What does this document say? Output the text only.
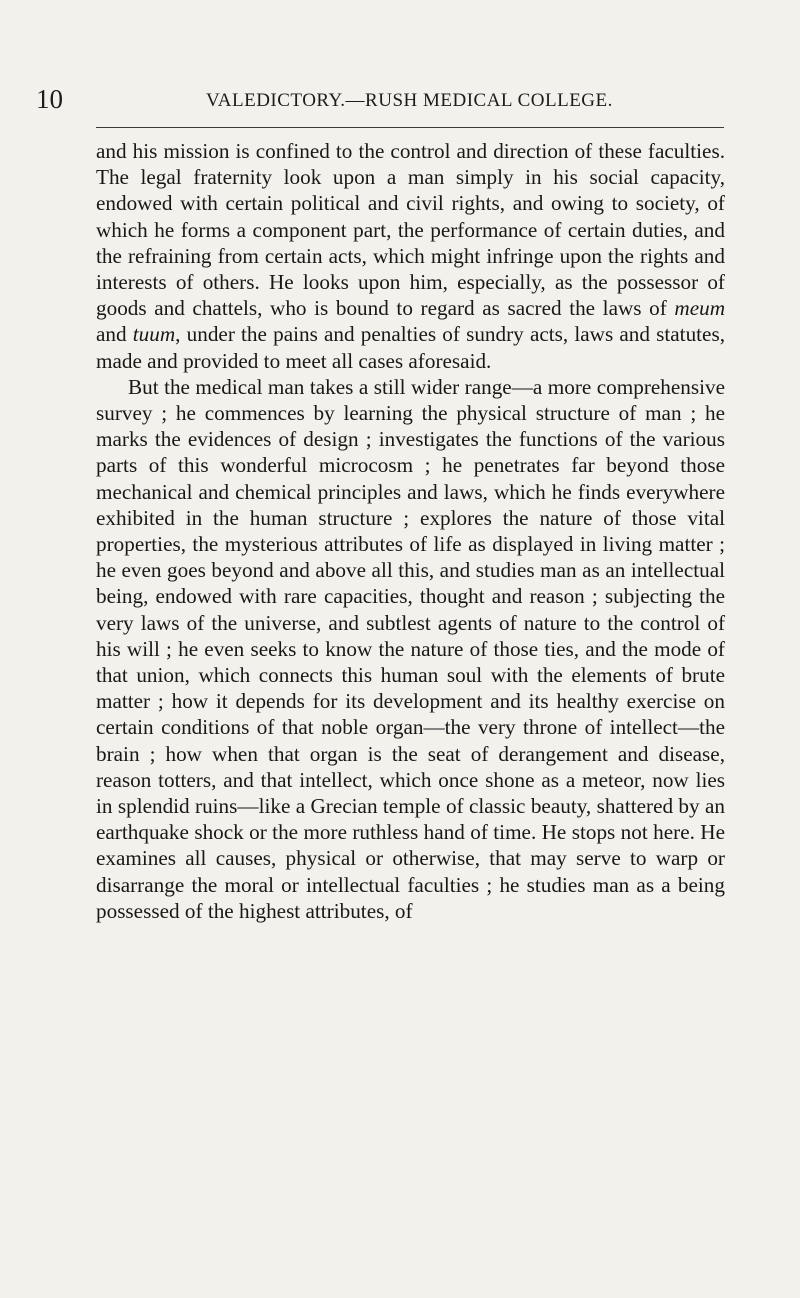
10	VALEDICTORY.—RUSH MEDICAL COLLEGE.

and his mission is confined to the control and direction of these faculties. The legal fraternity look upon a man simply in his social capacity, endowed with certain political and civil rights, and owing to society, of which he forms a component part, the performance of certain duties, and the refraining from certain acts, which might infringe upon the rights and interests of others. He looks upon him, especially, as the possessor of goods and chattels, who is bound to regard as sacred the laws of meum and tuum, under the pains and penalties of sundry acts, laws and statutes, made and provided to meet all cases aforesaid.

But the medical man takes a still wider range—a more comprehensive survey ; he commences by learning the physical structure of man ; he marks the evidences of design ; investigates the functions of the various parts of this wonderful microcosm ; he penetrates far beyond those mechanical and chemical principles and laws, which he finds everywhere exhibited in the human structure ; explores the nature of those vital properties, the mysterious attributes of life as displayed in living matter ; he even goes beyond and above all this, and studies man as an intellectual being, endowed with rare capacities, thought and reason ; subjecting the very laws of the universe, and subtlest agents of nature to the control of his will ; he even seeks to know the nature of those ties, and the mode of that union, which connects this human soul with the elements of brute matter ; how it depends for its development and its healthy exercise on certain conditions of that noble organ—the very throne of intellect—the brain ; how when that organ is the seat of derangement and disease, reason totters, and that intellect, which once shone as a meteor, now lies in splendid ruins—like a Grecian temple of classic beauty, shattered by an earthquake shock or the more ruthless hand of time. He stops not here. He examines all causes, physical or otherwise, that may serve to warp or disarrange the moral or intellectual faculties ; he studies man as a being possessed of the highest attributes, of
